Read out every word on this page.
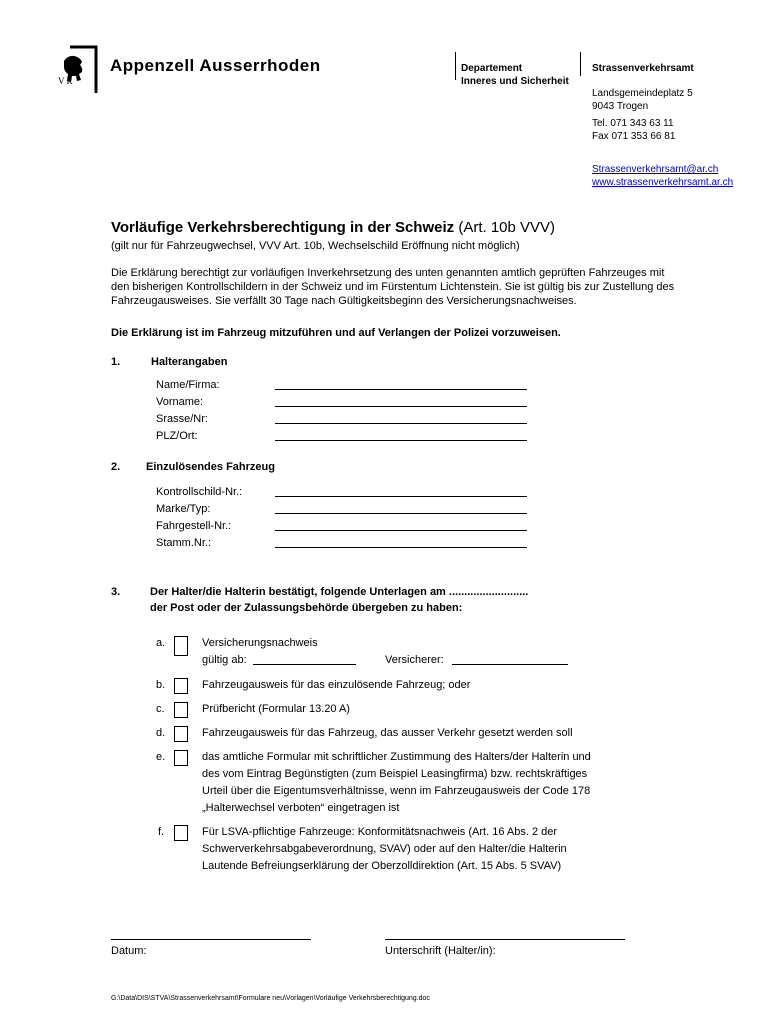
VR
Appenzell Ausserrhoden	Departement
Inneres und Sicherheit
Strassenverkehrsamt
Landsgemeindeplatz 5
9043 Trogen
Tel. 071 343 63 11
Fax 071 353 66 81
Strassenverkehrsamt@ar.ch
www.strassenverkehrsamt.ar.ch
Vorläufige Verkehrsberechtigung in der Schweiz (Art. 10b VVV)
(gilt nur für Fahrzeugwechsel, VVV Art. 10b, Wechselschild Eröffnung nicht möglich)
Die Erklärung berechtigt zur vorläufigen Inverkehrsetzung des unten genannten amtlich geprüften Fahrzeuges mit
den bisherigen Kontrollschildern in der Schweiz und im Fürstentum Lichtenstein. Sie ist gültig bis zur Zustellung des
Fahrzeugausweises. Sie verfällt 30 Tage nach Gültigkeitsbeginn des Versicherungsnachweises.
Die Erklärung ist im Fahrzeug mitzuführen und auf Verlangen der Polizei vorzuweisen.
1.	Halterangaben
Name/Firma:
Vorname:
Srasse/Nr:
PLZ/Ort:
2. Einzulösendes Fahrzeug
Kontrollschild-Nr.:
Marke/Typ:
Fahrgestell-Nr.:
Stamm.Nr.:
3.	Der Halter/die Halterin bestätigt, folgende Unterlagen am ..........................
der Post oder der Zulassungsbehörde übergeben zu haben:
a.	Versicherungsnachweis
gültig ab:	Versicherer:
b.	Fahrzeugausweis für das einzulösende Fahrzeug; oder
c.	Prüfbericht (Formular 13.20 A)
d.	Fahrzeugausweis für das Fahrzeug, das ausser Verkehr gesetzt werden soll
e.	das amtliche Formular mit schriftlicher Zustimmung des Halters/der Halterin und
des vom Eintrag Begünstigten (zum Beispiel Leasingfirma) bzw. rechtskräftiges
Urteil über die Eigentumsverhältnisse, wenn im Fahrzeugausweis der Code 178
„Halterwechsel verboten“ eingetragen ist
f.	Für LSVA-pflichtige Fahrzeuge: Konformitätsnachweis (Art. 16 Abs. 2 der
Schwerverkehrsabgabeverordnung, SVAV) oder auf den Halter/die Halterin
Lautende Befreiungserklärung der Oberzolldirektion (Art. 15 Abs. 5 SVAV)
Datum:	Unterschrift (Halter/in):
G:\Data\DIS\STVA\Strassenverkehrsamt\Formulare neu\Vorlagen\Vorläufige Verkehrsberechtigung.doc
